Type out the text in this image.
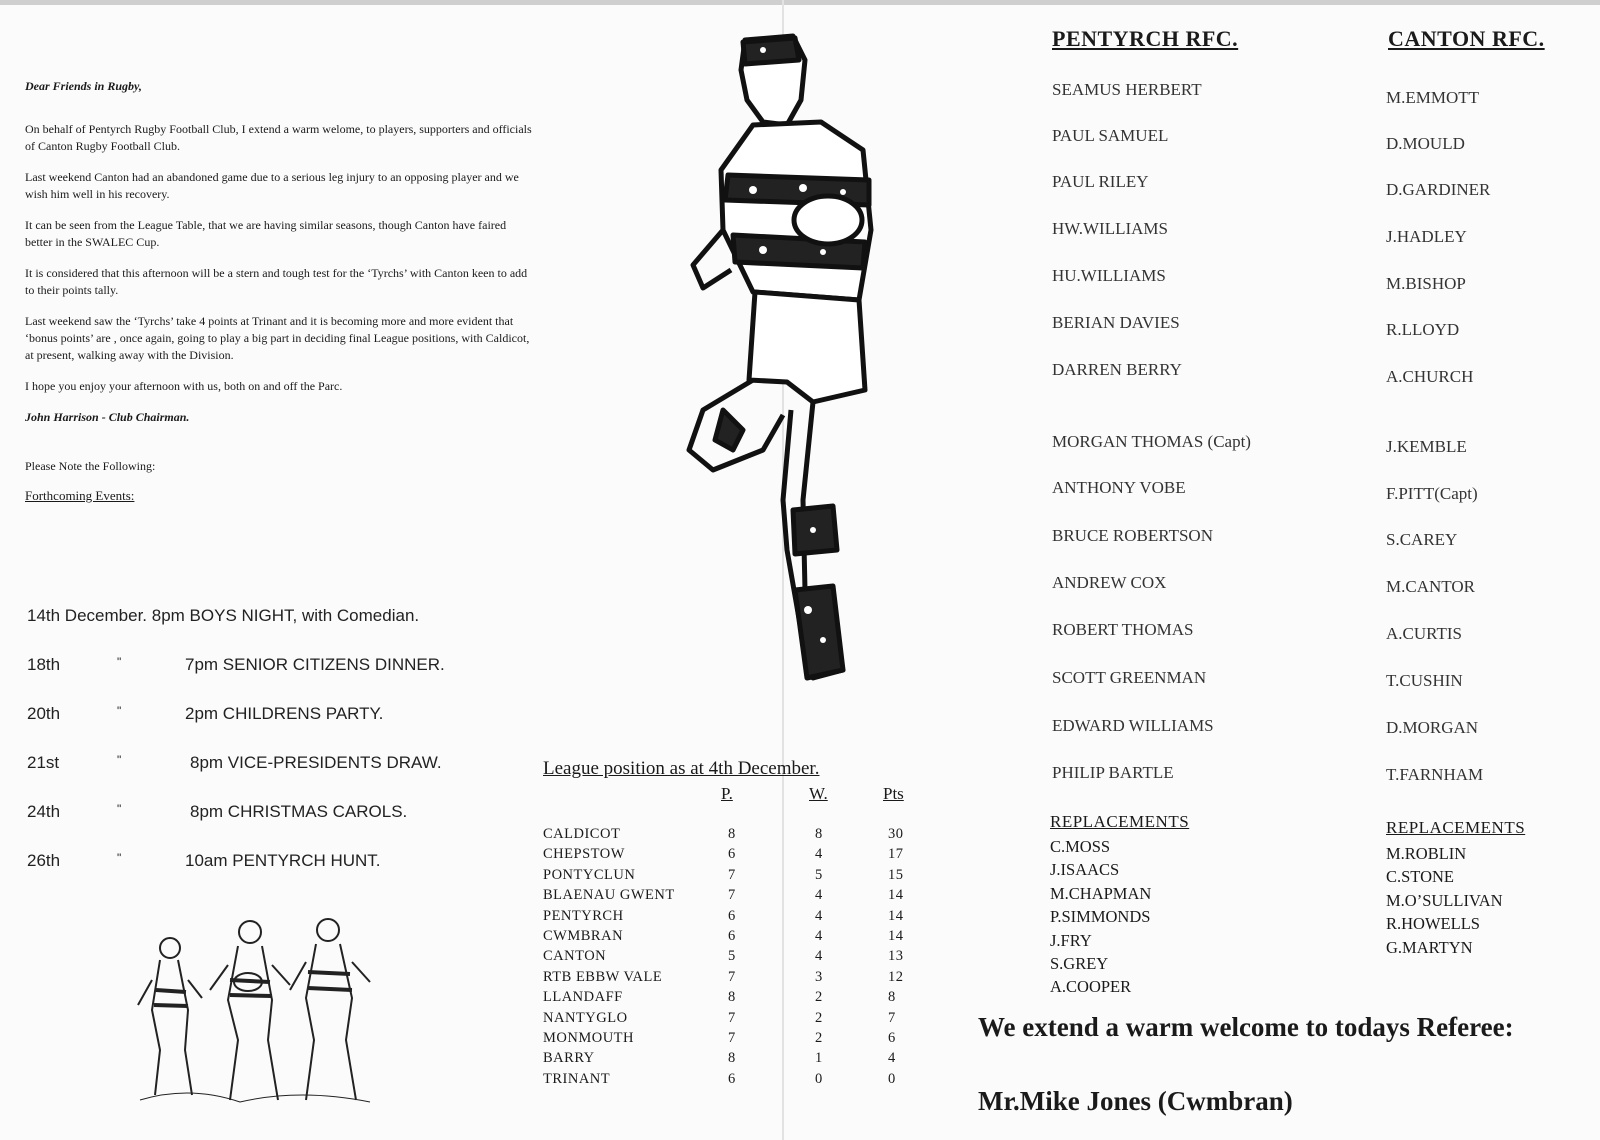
Dear Friends in Rugby,
On behalf of Pentyrch Rugby Football Club, I extend a warm welome, to players, supporters and officials of Canton Rugby Football Club.
Last weekend Canton had an abandoned game due to a serious leg injury to an opposing player and we wish him well in his recovery.
It can be seen from the League Table, that we are having similar seasons, though Canton have faired better in the SWALEC Cup.
It is considered that this afternoon will be a stern and tough test for the ‘Tyrchs’ with Canton keen to add to their points tally.
Last weekend saw the ‘Tyrchs’ take 4 points at Trinant and it is becoming more and more evident that ‘bonus points’ are , once again, going to play a big part in deciding final League positions, with Caldicot, at present, walking away with the Division.
I hope you enjoy your afternoon with us, both on and off the Parc.
John Harrison - Club Chairman.
Please Note the Following:
Forthcoming Events:
14th December. 8pm BOYS NIGHT, with Comedian.
18th	"	7pm SENIOR CITIZENS DINNER.
20th	"	2pm CHILDRENS PARTY.
21st	"	8pm VICE-PRESIDENTS DRAW.
24th	"	8pm CHRISTMAS CAROLS.
26th	"	10am PENTYRCH HUNT.
League position as at 4th December.
P.	W.	Pts
CALDICOT	8	8	30
CHEPSTOW	6	4	17
PONTYCLUN	7	5	15
BLAENAU GWENT	7	4	14
PENTYRCH	6	4	14
CWMBRAN	6	4	14
CANTON	5	4	13
RTB EBBW VALE	7	3	12
LLANDAFF	8	2	8
NANTYGLO	7	2	7
MONMOUTH	7	2	6
BARRY	8	1	4
TRINANT	6	0	0
PENTYRCH RFC.
SEAMUS HERBERT
PAUL SAMUEL
PAUL RILEY
HW.WILLIAMS
HU.WILLIAMS
BERIAN DAVIES
DARREN BERRY
MORGAN THOMAS (Capt)
ANTHONY VOBE
BRUCE ROBERTSON
ANDREW COX
ROBERT THOMAS
SCOTT GREENMAN
EDWARD WILLIAMS
PHILIP BARTLE
REPLACEMENTS
C.MOSS
J.ISAACS
M.CHAPMAN
P.SIMMONDS
J.FRY
S.GREY
A.COOPER
CANTON RFC.
M.EMMOTT
D.MOULD
D.GARDINER
J.HADLEY
M.BISHOP
R.LLOYD
A.CHURCH
J.KEMBLE
F.PITT(Capt)
S.CAREY
M.CANTOR
A.CURTIS
T.CUSHIN
D.MORGAN
T.FARNHAM
REPLACEMENTS
M.ROBLIN
C.STONE
M.O’SULLIVAN
R.HOWELLS
G.MARTYN
We extend a warm welcome to todays Referee:
Mr.Mike Jones (Cwmbran)
